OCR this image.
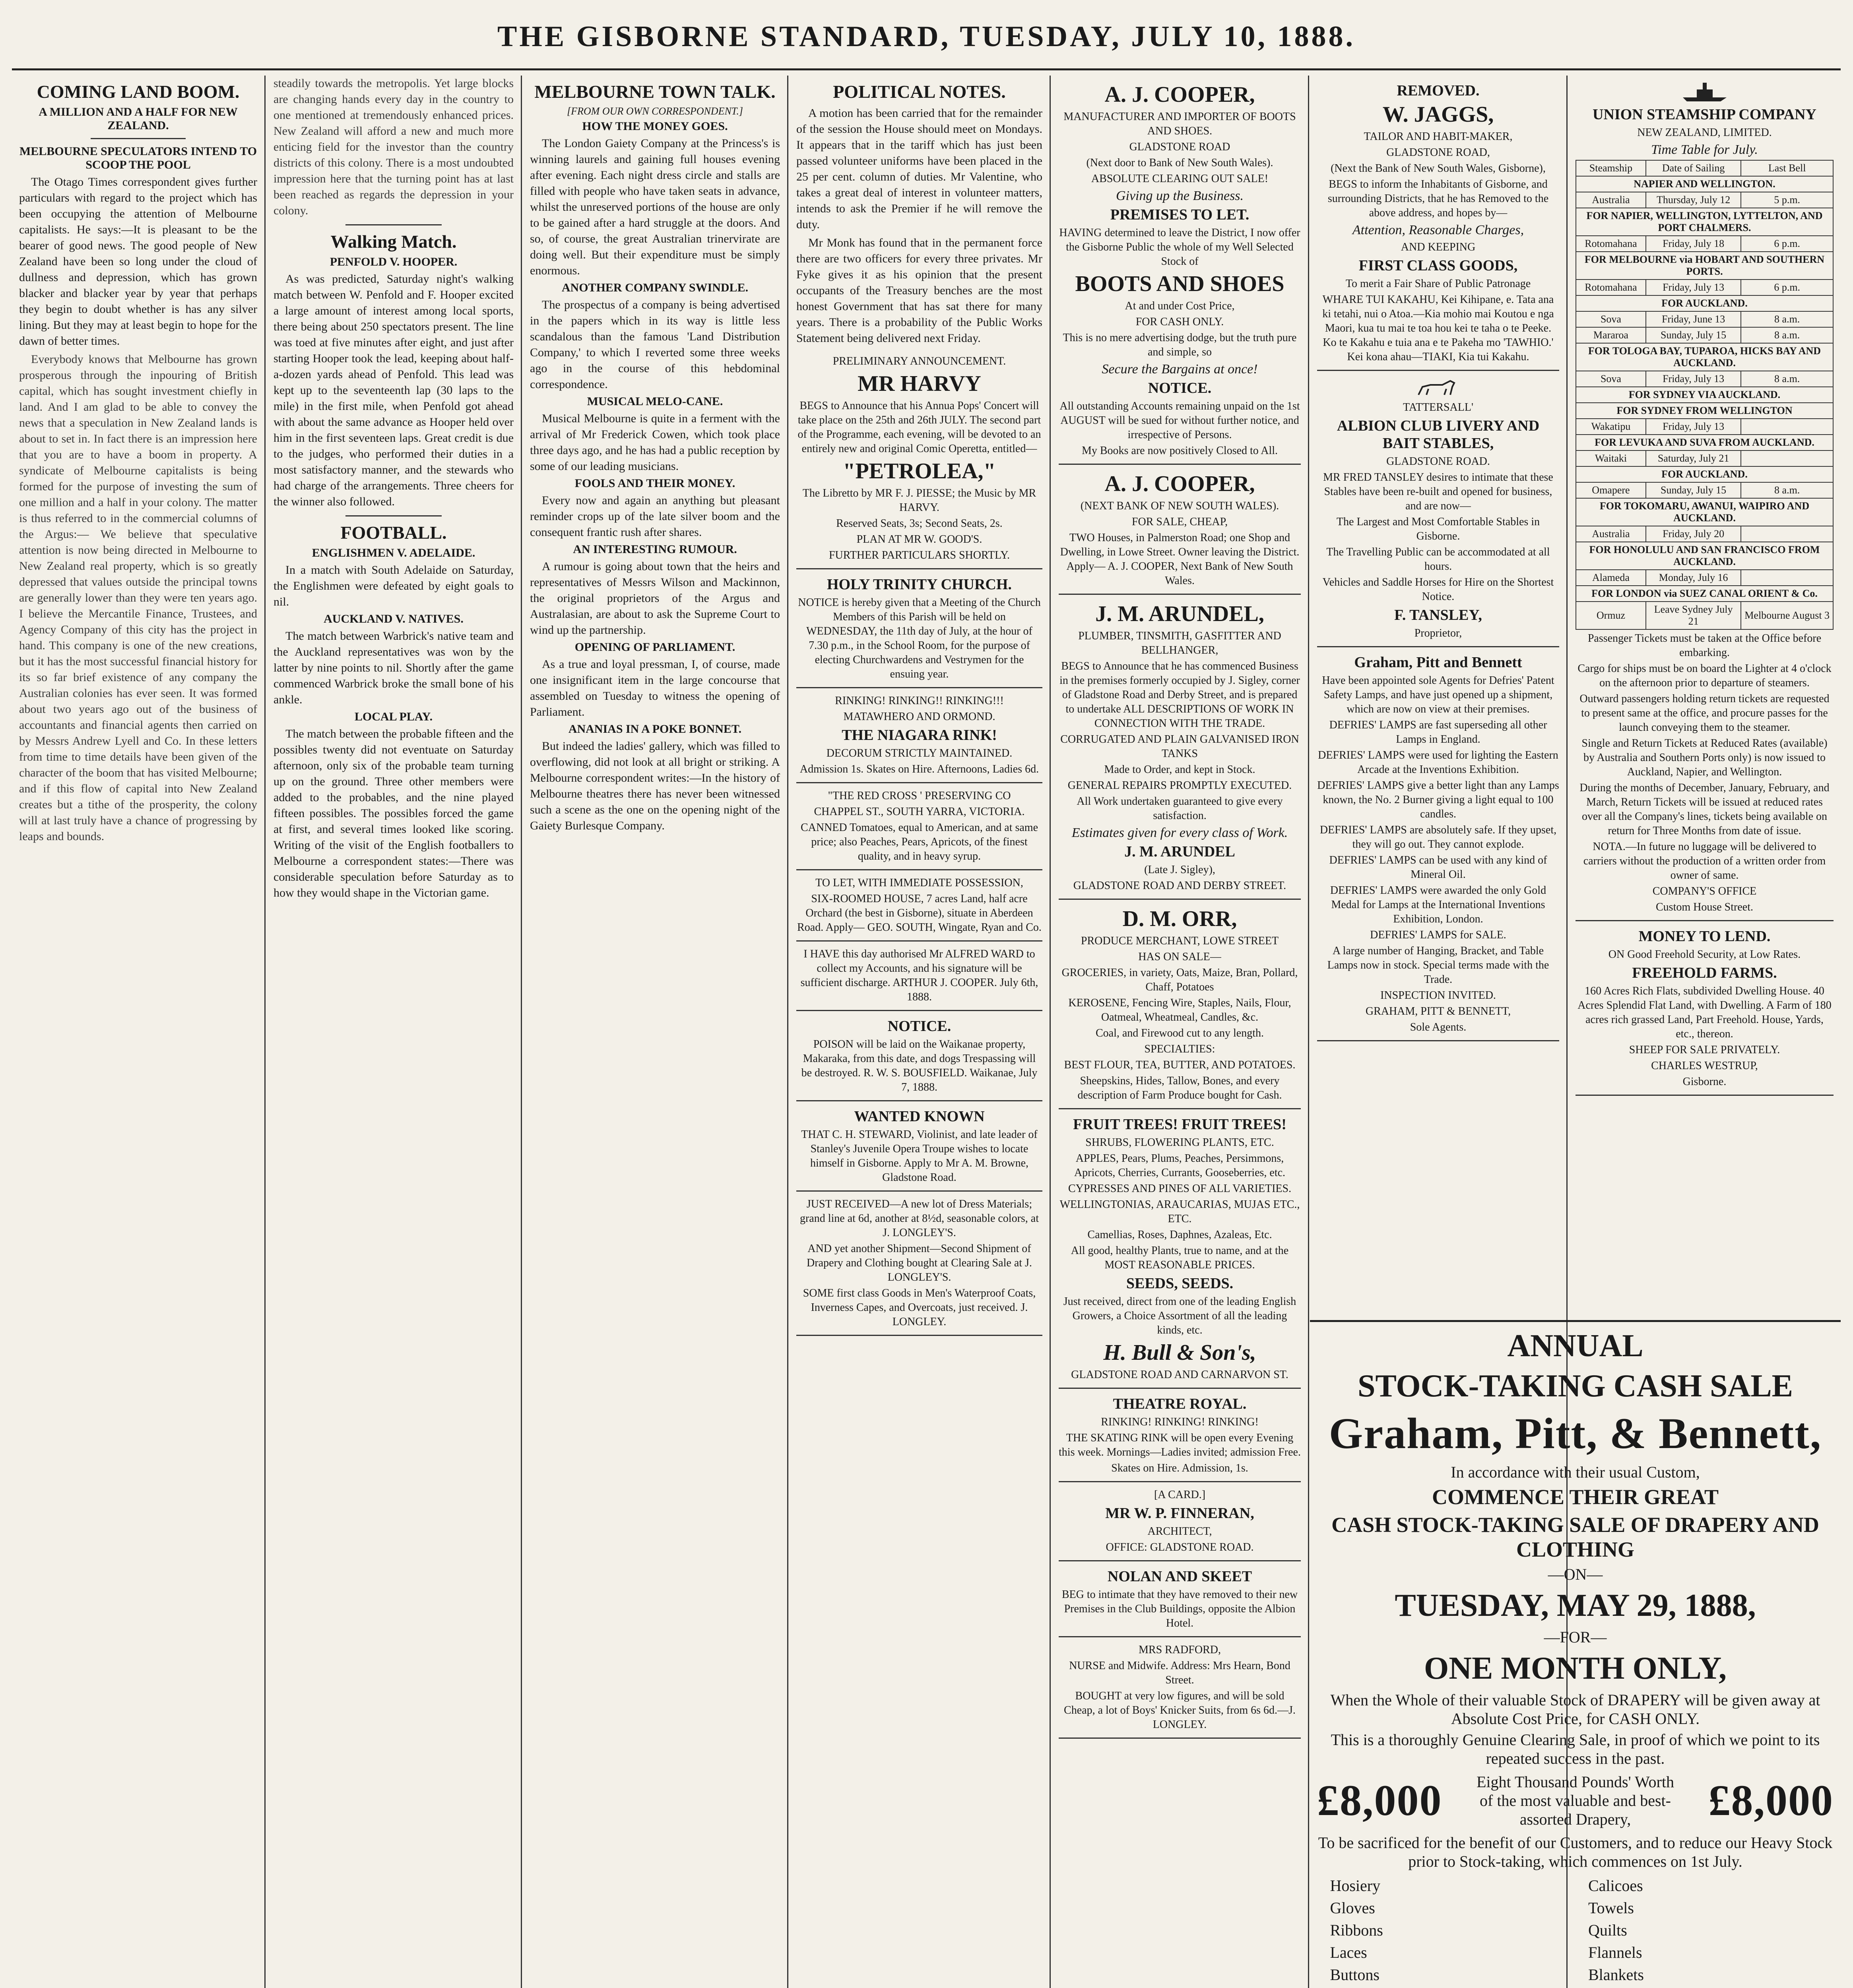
THE GISBORNE STANDARD, TUESDAY, JULY 10, 1888.
COMING LAND BOOM.
A MILLION AND A HALF FOR NEW ZEALAND.
MELBOURNE SPECULATORS INTEND TO SCOOP THE POOL

The Otago Times correspondent gives further particulars with regard to the project which has been occupying the attention of Melbourne capitalists. He says:—It is pleasant to be the bearer of good news. The good people of New Zealand have been so long under the cloud of dullness and depression, which has grown blacker and blacker year by year that perhaps they begin to doubt whether is has any silver lining. But they may at least begin to hope for the dawn of better times.

Everybody knows that Melbourne has grown prosperous through the inpouring of British capital, which has sought investment chiefly in land. And I am glad to be able to convey the news that a speculation in New Zealand lands is about to set in. In fact there is an impression here that you are to have a boom in property. A syndicate of Melbourne capitalists is being formed for the purpose of investing the sum of one million and a half in your colony. The matter is thus referred to in the commercial columns of the Argus:— We believe that speculative attention is now being directed in Melbourne to New Zealand real property, which is so greatly depressed that values outside the principal towns are generally lower than they were ten years ago. I believe the Mercantile Finance, Trustees, and Agency Company of this city has the project in hand. This company is one of the new creations, but it has the most successful financial history for its so far brief existence of any company the Australian colonies has ever seen. It was formed about two years ago out of the business of accountants and financial agents then carried on by Messrs Andrew Lyell and Co. In these letters from time to time details have been given of the character of the boom that has visited Melbourne; and if this flow of capital into New Zealand creates but a tithe of the prosperity, the colony will at last truly have a chance of progressing by leaps and bounds.

steadily towards the metropolis. Yet large blocks are changing hands every day in the country to one mentioned at tremendously enhanced prices. New Zealand will afford a new and much more enticing field for the investor than the country districts of this colony. There is a most undoubted impression here that the turning point has at last been reached as regards the depression in your colony.

Walking Match.
PENFOLD V. HOOPER.

As was predicted, Saturday night's walking match between W. Penfold and F. Hooper excited a large amount of interest among local sports, there being about 250 spectators present. The line was toed at five minutes after eight, and just after starting Hooper took the lead, keeping about half-a-dozen yards ahead of Penfold. This lead was kept up to the seventeenth lap (30 laps to the mile) in the first mile, when Penfold got ahead with about the same advance as Hooper held over him in the first seventeen laps. Great credit is due to the judges, who performed their duties in a most satisfactory manner, and the stewards who had charge of the arrangements. Three cheers for the winner also followed.

FOOTBALL.
ENGLISHMEN V. ADELAIDE.

In a match with South Adelaide on Saturday, the Englishmen were defeated by eight goals to nil.

AUCKLAND V. NATIVES.

The match between Warbrick's native team and the Auckland representatives was won by the latter by nine points to nil. Shortly after the game commenced Warbrick broke the small bone of his ankle.

LOCAL PLAY.

The match between the probable fifteen and the possibles twenty did not eventuate on Saturday afternoon, only six of the probable team turning up on the ground. Three other members were added to the probables, and the nine played fifteen possibles. The possibles forced the game at first, and several times looked like scoring. Writing of the visit of the English footballers to Melbourne a correspondent states:—There was considerable speculation before Saturday as to how they would shape in the Victorian game.

MELBOURNE TOWN TALK.
[FROM OUR OWN CORRESPONDENT.]
HOW THE MONEY GOES.

The London Gaiety Company at the Princess's is winning laurels and gaining full houses evening after evening. Each night dress circle and stalls are filled with people who have taken seats in advance, whilst the unreserved portions of the house are only to be gained after a hard struggle at the doors. And so, of course, the great Australian trinervirate are doing well. But their expenditure must be simply enormous.

ANOTHER COMPANY SWINDLE.

The prospectus of a company is being advertised in the papers which in its way is little less scandalous than the famous 'Land Distribution Company,' to which I reverted some three weeks ago in the course of this hebdominal correspondence.

MUSICAL MELO-CANE.

Musical Melbourne is quite in a ferment with the arrival of Mr Frederick Cowen, which took place three days ago, and he has had a public reception by some of our leading musicians.

FOOLS AND THEIR MONEY.

Every now and again an anything but pleasant reminder crops up of the late silver boom and the consequent frantic rush after shares.

AN INTERESTING RUMOUR.

A rumour is going about town that the heirs and representatives of Messrs Wilson and Mackinnon, the original proprietors of the Argus and Australasian, are about to ask the Supreme Court to wind up the partnership.

OPENING OF PARLIAMENT.

As a true and loyal pressman, I, of course, made one insignificant item in the large concourse that assembled on Tuesday to witness the opening of Parliament.

ANANIAS IN A POKE BONNET.

But indeed the ladies' gallery, which was filled to overflowing, did not look at all bright or striking. A Melbourne correspondent writes:—In the history of Melbourne theatres there has never been witnessed such a scene as the one on the opening night of the Gaiety Burlesque Company.

POLITICAL NOTES.

A motion has been carried that for the remainder of the session the House should meet on Mondays. It appears that in the tariff which has just been passed volunteer uniforms have been placed in the 25 per cent. column of duties. Mr Valentine, who takes a great deal of interest in volunteer matters, intends to ask the Premier if he will remove the duty.

Mr Monk has found that in the permanent force there are two officers for every three privates. Mr Fyke gives it as his opinion that the present occupants of the Treasury benches are the most honest Government that has sat there for many years. There is a probability of the Public Works Statement being delivered next Friday.

PRELIMINARY ANNOUNCEMENT.
MR HARVY
BEGS to Announce that his Annua Pops' Concert will take place on the 25th and 26th JULY. The second part of the Programme, each evening, will be devoted to an entirely new and original Comic Operetta, entitled—
"PETROLEA,"
The Libretto by MR F. J. PIESSE; the Music by MR HARVY.
Reserved Seats, 3s; Second Seats, 2s.
PLAN AT MR W. GOOD'S.
FURTHER PARTICULARS SHORTLY.
HOLY TRINITY CHURCH.
NOTICE is hereby given that a Meeting of the Church Members of this Parish will be held on WEDNESDAY, the 11th day of July, at the hour of 7.30 p.m., in the School Room, for the purpose of electing Churchwardens and Vestrymen for the ensuing year.
RINKING! RINKING!! RINKING!!!
MATAWHERO AND ORMOND.
THE NIAGARA RINK!
DECORUM STRICTLY MAINTAINED.
Admission 1s. Skates on Hire. Afternoons, Ladies 6d.
"THE RED CROSS ' PRESERVING CO
CHAPPEL ST., SOUTH YARRA, VICTORIA.
CANNED Tomatoes, equal to American, and at same price; also Peaches, Pears, Apricots, of the finest quality, and in heavy syrup.
TO LET, WITH IMMEDIATE POSSESSION,
SIX-ROOMED HOUSE, 7 acres Land, half acre Orchard (the best in Gisborne), situate in Aberdeen Road. Apply— GEO. SOUTH, Wingate, Ryan and Co.
I HAVE this day authorised Mr ALFRED WARD to collect my Accounts, and his signature will be sufficient discharge. ARTHUR J. COOPER. July 6th, 1888.
NOTICE.
POISON will be laid on the Waikanae property, Makaraka, from this date, and dogs Trespassing will be destroyed. R. W. S. BOUSFIELD. Waikanae, July 7, 1888.
WANTED KNOWN
THAT C. H. STEWARD, Violinist, and late leader of Stanley's Juvenile Opera Troupe wishes to locate himself in Gisborne. Apply to Mr A. M. Browne, Gladstone Road.
JUST RECEIVED—A new lot of Dress Materials; grand line at 6d, another at 8½d, seasonable colors, at J. LONGLEY'S.
AND yet another Shipment—Second Shipment of Drapery and Clothing bought at Clearing Sale at J. LONGLEY'S.
SOME first class Goods in Men's Waterproof Coats, Inverness Capes, and Overcoats, just received. J. LONGLEY.
A. J. COOPER,
MANUFACTURER AND IMPORTER OF BOOTS AND SHOES.
GLADSTONE ROAD
(Next door to Bank of New South Wales).
ABSOLUTE CLEARING OUT SALE!
Giving up the Business.
PREMISES TO LET.
HAVING determined to leave the District, I now offer the Gisborne Public the whole of my Well Selected Stock of
BOOTS AND SHOES
At and under Cost Price,
FOR CASH ONLY.
This is no mere advertising dodge, but the truth pure and simple, so
Secure the Bargains at once!
NOTICE.
All outstanding Accounts remaining unpaid on the 1st AUGUST will be sued for without further notice, and irrespective of Persons.
My Books are now positively Closed to All.
A. J. COOPER,
(NEXT BANK OF NEW SOUTH WALES).
FOR SALE, CHEAP,
TWO Houses, in Palmerston Road; one Shop and Dwelling, in Lowe Street. Owner leaving the District. Apply— A. J. COOPER, Next Bank of New South Wales.
J. M. ARUNDEL,
PLUMBER, TINSMITH, GASFITTER AND BELLHANGER,
BEGS to Announce that he has commenced Business in the premises formerly occupied by J. Sigley, corner of Gladstone Road and Derby Street, and is prepared to undertake ALL DESCRIPTIONS OF WORK IN CONNECTION WITH THE TRADE.
CORRUGATED AND PLAIN GALVANISED IRON TANKS
Made to Order, and kept in Stock.
GENERAL REPAIRS PROMPTLY EXECUTED.
All Work undertaken guaranteed to give every satisfaction.
Estimates given for every class of Work.
J. M. ARUNDEL
(Late J. Sigley),
GLADSTONE ROAD AND DERBY STREET.
D. M. ORR,
PRODUCE MERCHANT, LOWE STREET
HAS ON SALE—
GROCERIES, in variety, Oats, Maize, Bran, Pollard, Chaff, Potatoes
KEROSENE, Fencing Wire, Staples, Nails, Flour, Oatmeal, Wheatmeal, Candles, &c.
Coal, and Firewood cut to any length.
SPECIALTIES:
BEST FLOUR, TEA, BUTTER, AND POTATOES.
Sheepskins, Hides, Tallow, Bones, and every description of Farm Produce bought for Cash.
FRUIT TREES! FRUIT TREES!
SHRUBS, FLOWERING PLANTS, ETC.
APPLES, Pears, Plums, Peaches, Persimmons, Apricots, Cherries, Currants, Gooseberries, etc.
CYPRESSES AND PINES OF ALL VARIETIES.
WELLINGTONIAS, ARAUCARIAS, MUJAS ETC., ETC.
Camellias, Roses, Daphnes, Azaleas, Etc.
All good, healthy Plants, true to name, and at the MOST REASONABLE PRICES.
SEEDS, SEEDS.
Just received, direct from one of the leading English Growers, a Choice Assortment of all the leading kinds, etc.
H. Bull & Son's,
GLADSTONE ROAD AND CARNARVON ST.
THEATRE ROYAL.
RINKING! RINKING! RINKING!
THE SKATING RINK will be open every Evening this week. Mornings—Ladies invited; admission Free.
Skates on Hire. Admission, 1s.
[A CARD.]
MR W. P. FINNERAN,
ARCHITECT,
OFFICE: GLADSTONE ROAD.
NOLAN AND SKEET
BEG to intimate that they have removed to their new Premises in the Club Buildings, opposite the Albion Hotel.
MRS RADFORD,
NURSE and Midwife. Address: Mrs Hearn, Bond Street.
BOUGHT at very low figures, and will be sold Cheap, a lot of Boys' Knicker Suits, from 6s 6d.—J. LONGLEY.
REMOVED.
W. JAGGS,
TAILOR AND HABIT-MAKER,
GLADSTONE ROAD,
(Next the Bank of New South Wales, Gisborne),
BEGS to inform the Inhabitants of Gisborne, and surrounding Districts, that he has Removed to the above address, and hopes by—
Attention, Reasonable Charges,
AND KEEPING
FIRST CLASS GOODS,
To merit a Fair Share of Public Patronage
WHARE TUI KAKAHU, Kei Kihipane, e. Tata ana ki tetahi, nui o Atoa.—Kia mohio mai Koutou e nga Maori, kua tu mai te toa hou kei te taha o te Peeke. Ko te Kakahu e tuia ana e te Pakeha mo 'TAWHIO.' Kei kona ahau—TIAKI, Kia tui Kakahu.
TATTERSALL'
ALBION CLUB LIVERY AND BAIT STABLES,
GLADSTONE ROAD.
MR FRED TANSLEY desires to intimate that these Stables have been re-built and opened for business, and are now—
The Largest and Most Comfortable Stables in Gisborne.
The Travelling Public can be accommodated at all hours.
Vehicles and Saddle Horses for Hire on the Shortest Notice.
F. TANSLEY,
Proprietor,
Graham, Pitt and Bennett
Have been appointed sole Agents for Defries' Patent Safety Lamps, and have just opened up a shipment, which are now on view at their premises.
DEFRIES' LAMPS are fast superseding all other Lamps in England.
DEFRIES' LAMPS were used for lighting the Eastern Arcade at the Inventions Exhibition.
DEFRIES' LAMPS give a better light than any Lamps known, the No. 2 Burner giving a light equal to 100 candles.
DEFRIES' LAMPS are absolutely safe. If they upset, they will go out. They cannot explode.
DEFRIES' LAMPS can be used with any kind of Mineral Oil.
DEFRIES' LAMPS were awarded the only Gold Medal for Lamps at the International Inventions Exhibition, London.
DEFRIES' LAMPS for SALE.
A large number of Hanging, Bracket, and Table Lamps now in stock. Special terms made with the Trade.
INSPECTION INVITED.
GRAHAM, PITT & BENNETT,
Sole Agents.
UNION STEAMSHIP COMPANY
NEW ZEALAND, LIMITED.
Time Table for July.
Steamship	Date of Sailing	Last Bell
NAPIER AND WELLINGTON.		
Australia	Thursday, July 12	5 p.m.
FOR NAPIER, WELLINGTON, LYTTELTON, AND PORT CHALMERS.		
Rotomahana	Friday, July 18	6 p.m.
FOR MELBOURNE via HOBART AND SOUTHERN PORTS.		
Rotomahana	Friday, July 13	6 p.m.
FOR AUCKLAND.		
Sova	Friday, June 13	8 a.m.
Mararoa	Sunday, July 15	8 a.m.
FOR TOLOGA BAY, TUPAROA, HICKS BAY AND AUCKLAND.		
Sova	Friday, July 13	8 a.m.
FOR SYDNEY VIA AUCKLAND.		
FOR SYDNEY FROM WELLINGTON		
Wakatipu	Friday, July 13	
FOR LEVUKA AND SUVA FROM AUCKLAND.		
Waitaki	Saturday, July 21	
FOR AUCKLAND.		
Omapere	Sunday, July 15	8 a.m.
FOR TOKOMARU, AWANUI, WAIPIRO AND AUCKLAND.		
Australia	Friday, July 20	
FOR HONOLULU AND SAN FRANCISCO FROM AUCKLAND.		
Alameda	Monday, July 16	
FOR LONDON via SUEZ CANAL ORIENT & Co.		
Ormuz	Leave Sydney July 21	Melbourne August 3
Passenger Tickets must be taken at the Office before embarking.
Cargo for ships must be on board the Lighter at 4 o'clock on the afternoon prior to departure of steamers.
Outward passengers holding return tickets are requested to present same at the office, and procure passes for the launch conveying them to the steamer.
Single and Return Tickets at Reduced Rates (available) by Australia and Southern Ports only) is now issued to Auckland, Napier, and Wellington.
During the months of December, January, February, and March, Return Tickets will be issued at reduced rates over all the Company's lines, tickets being available on return for Three Months from date of issue.
NOTA.—In future no luggage will be delivered to carriers without the production of a written order from owner of same.
COMPANY'S OFFICE
Custom House Street.
MONEY TO LEND.
ON Good Freehold Security, at Low Rates.
FREEHOLD FARMS.
160 Acres Rich Flats, subdivided Dwelling House. 40 Acres Splendid Flat Land, with Dwelling. A Farm of 180 acres rich grassed Land, Part Freehold. House, Yards, etc., thereon.
SHEEP FOR SALE PRIVATELY.
CHARLES WESTRUP,
Gisborne.
ANNUAL
STOCK-TAKING CASH SALE
Graham, Pitt, & Bennett,
In accordance with their usual Custom,
COMMENCE THEIR GREAT
CASH STOCK-TAKING SALE OF DRAPERY AND CLOTHING
—ON—
TUESDAY, MAY 29, 1888,
—FOR—
ONE MONTH ONLY,
When the Whole of their valuable Stock of DRAPERY will be given away at Absolute Cost Price, for CASH ONLY.
This is a thoroughly Genuine Clearing Sale, in proof of which we point to its repeated success in the past.
£8,000 Eight Thousand Pounds' Worth of the most valuable and best-assorted Drapery,	£8,000
To be sacrificed for the benefit of our Customers, and to reduce our Heavy Stock prior to Stock-taking, which commences on 1st July.
Hosiery
Gloves
Ribbons
Laces
Buttons
Calicoes
Towels
Quilts
Flannels
Blankets
